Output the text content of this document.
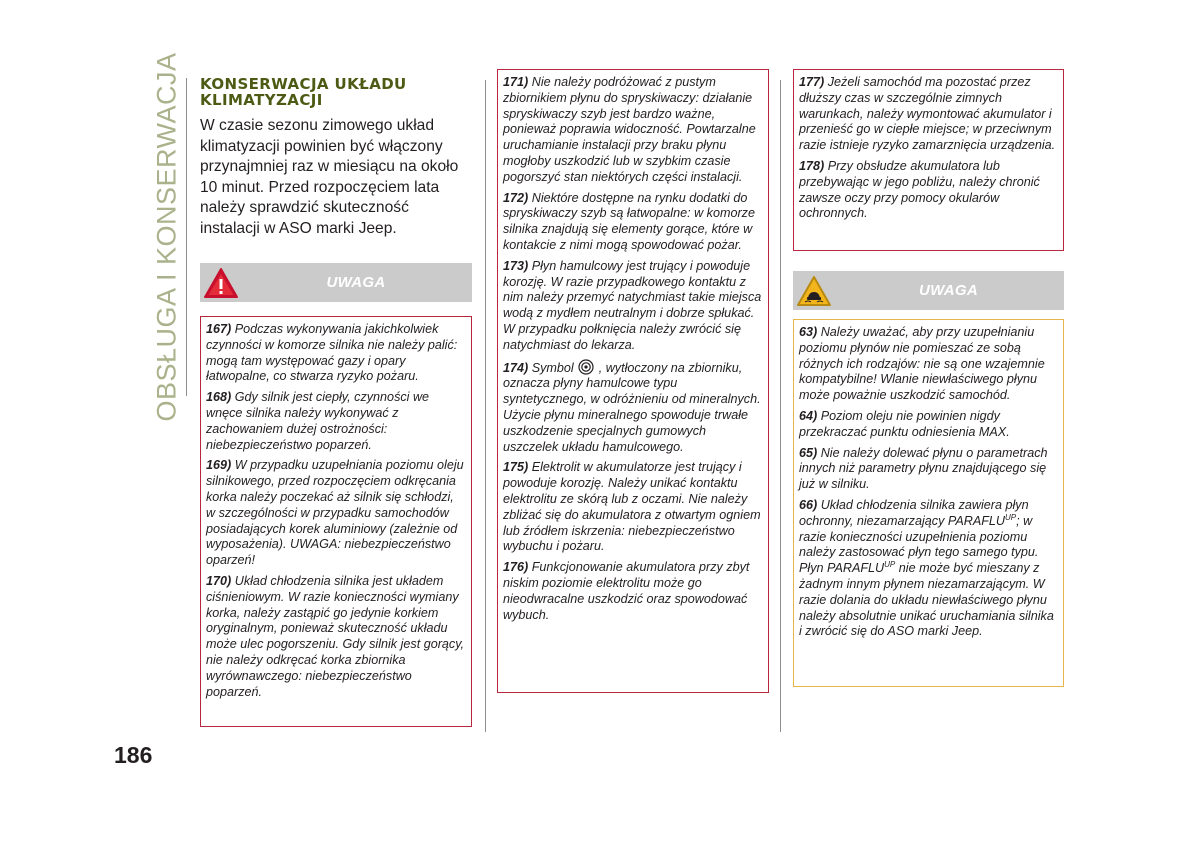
OBSŁUGA I KONSERWACJA
186
KONSERWACJA UKŁADU KLIMATYZACJI

W czasie sezonu zimowego układ klimatyzacji powinien być włączony przynajmniej raz w miesiącu na około 10 minut. Przed rozpoczęciem lata należy sprawdzić skuteczność instalacji w ASO marki Jeep.

UWAGA

167) Podczas wykonywania jakichkolwiek czynności w komorze silnika nie należy palić: mogą tam występować gazy i opary łatwopalne, co stwarza ryzyko pożaru.

168) Gdy silnik jest ciepły, czynności we wnęce silnika należy wykonywać z zachowaniem dużej ostrożności: niebezpieczeństwo poparzeń.

169) W przypadku uzupełniania poziomu oleju silnikowego, przed rozpoczęciem odkręcania korka należy poczekać aż silnik się schłodzi, w szczególności w przypadku samochodów posiadających korek aluminiowy (zależnie od wyposażenia). UWAGA: niebezpieczeństwo oparzeń!

170) Układ chłodzenia silnika jest układem ciśnieniowym. W razie konieczności wymiany korka, należy zastąpić go jedynie korkiem oryginalnym, ponieważ skuteczność układu może ulec pogorszeniu. Gdy silnik jest gorący, nie należy odkręcać korka zbiornika wyrównawczego: niebezpieczeństwo poparzeń.

171) Nie należy podróżować z pustym zbiornikiem płynu do spryskiwaczy: działanie spryskiwaczy szyb jest bardzo ważne, ponieważ poprawia widoczność. Powtarzalne uruchamianie instalacji przy braku płynu mogłoby uszkodzić lub w szybkim czasie pogorszyć stan niektórych części instalacji.

172) Niektóre dostępne na rynku dodatki do spryskiwaczy szyb są łatwopalne: w komorze silnika znajdują się elementy gorące, które w kontakcie z nimi mogą spowodować pożar.

173) Płyn hamulcowy jest trujący i powoduje korozję. W razie przypadkowego kontaktu z nim należy przemyć natychmiast takie miejsca wodą z mydłem neutralnym i dobrze spłukać. W przypadku połknięcia należy zwrócić się natychmiast do lekarza.

174) Symbol  , wytłoczony na zbiorniku, oznacza płyny hamulcowe typu syntetycznego, w odróżnieniu od mineralnych. Użycie płynu mineralnego spowoduje trwałe uszkodzenie specjalnych gumowych uszczelek układu hamulcowego.

175) Elektrolit w akumulatorze jest trujący i powoduje korozję. Należy unikać kontaktu elektrolitu ze skórą lub z oczami. Nie należy zbliżać się do akumulatora z otwartym ogniem lub źródłem iskrzenia: niebezpieczeństwo wybuchu i pożaru.

176) Funkcjonowanie akumulatora przy zbyt niskim poziomie elektrolitu może go nieodwracalne uszkodzić oraz spowodować wybuch.

177) Jeżeli samochód ma pozostać przez dłuższy czas w szczególnie zimnych warunkach, należy wymontować akumulator i przenieść go w ciepłe miejsce; w przeciwnym razie istnieje ryzyko zamarznięcia urządzenia.

178) Przy obsłudze akumulatora lub przebywając w jego pobliżu, należy chronić zawsze oczy przy pomocy okularów ochronnych.

UWAGA

63) Należy uważać, aby przy uzupełnianiu poziomu płynów nie pomieszać ze sobą różnych ich rodzajów: nie są one wzajemnie kompatybilne! Wlanie niewłaściwego płynu może poważnie uszkodzić samochód.

64) Poziom oleju nie powinien nigdy przekraczać punktu odniesienia MAX.

65) Nie należy dolewać płynu o parametrach innych niż parametry płynu znajdującego się już w silniku.

66) Układ chłodzenia silnika zawiera płyn ochronny, niezamarzający $PARAFLU^{UP}$; w razie konieczności uzupełnienia poziomu należy zastosować płyn tego samego typu. Płyn $PARAFLU^{UP}$ nie może być mieszany z żadnym innym płynem niezamarzającym. W razie dolania do układu niewłaściwego płynu należy absolutnie unikać uruchamiania silnika i zwrócić się do ASO marki Jeep.
